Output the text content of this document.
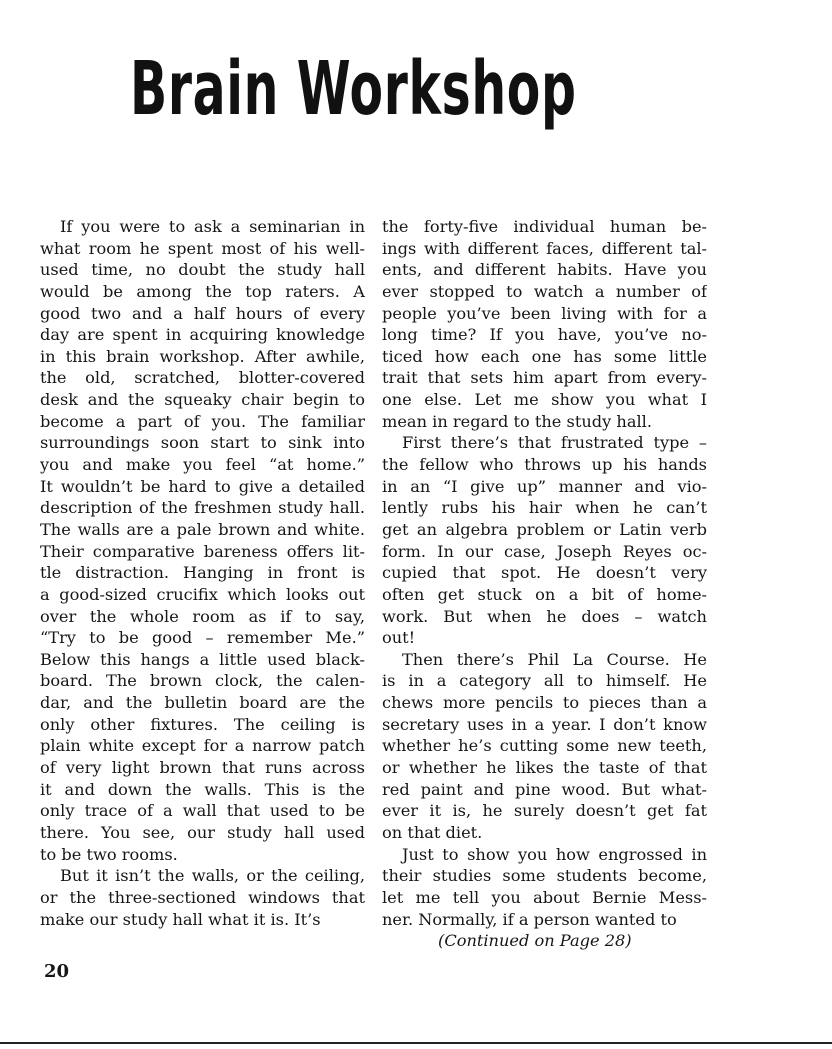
Brain Workshop
If you were to ask a seminarian in
what room he spent most of his well-
used time, no doubt the study hall
would be among the top raters. A
good two and a half hours of every
day are spent in acquiring knowledge
in this brain workshop. After awhile,
the old, scratched, blotter-covered
desk and the squeaky chair begin to
become a part of you. The familiar
surroundings soon start to sink into
you and make you feel “at home.”
It wouldn’t be hard to give a detailed
description of the freshmen study hall.
The walls are a pale brown and white.
Their comparative bareness offers lit-
tle distraction. Hanging in front is
a good-sized crucifix which looks out
over the whole room as if to say,
“Try to be good – remember Me.”
Below this hangs a little used black-
board. The brown clock, the calen-
dar, and the bulletin board are the
only other fixtures. The ceiling is
plain white except for a narrow patch
of very light brown that runs across
it and down the walls. This is the
only trace of a wall that used to be
there. You see, our study hall used
to be two rooms.
But it isn’t the walls, or the ceiling,
or the three-sectioned windows that
make our study hall what it is. It’s
the forty-five individual human be-
ings with different faces, different tal-
ents, and different habits. Have you
ever stopped to watch a number of
people you’ve been living with for a
long time? If you have, you’ve no-
ticed how each one has some little
trait that sets him apart from every-
one else. Let me show you what I
mean in regard to the study hall.
First there’s that frustrated type –
the fellow who throws up his hands
in an “I give up” manner and vio-
lently rubs his hair when he can’t
get an algebra problem or Latin verb
form. In our case, Joseph Reyes oc-
cupied that spot. He doesn’t very
often get stuck on a bit of home-
work. But when he does – watch
out!
Then there’s Phil La Course. He
is in a category all to himself. He
chews more pencils to pieces than a
secretary uses in a year. I don’t know
whether he’s cutting some new teeth,
or whether he likes the taste of that
red paint and pine wood. But what-
ever it is, he surely doesn’t get fat
on that diet.
Just to show you how engrossed in
their studies some students become,
let me tell you about Bernie Mess-
ner. Normally, if a person wanted to
(Continued on Page 28)
20
